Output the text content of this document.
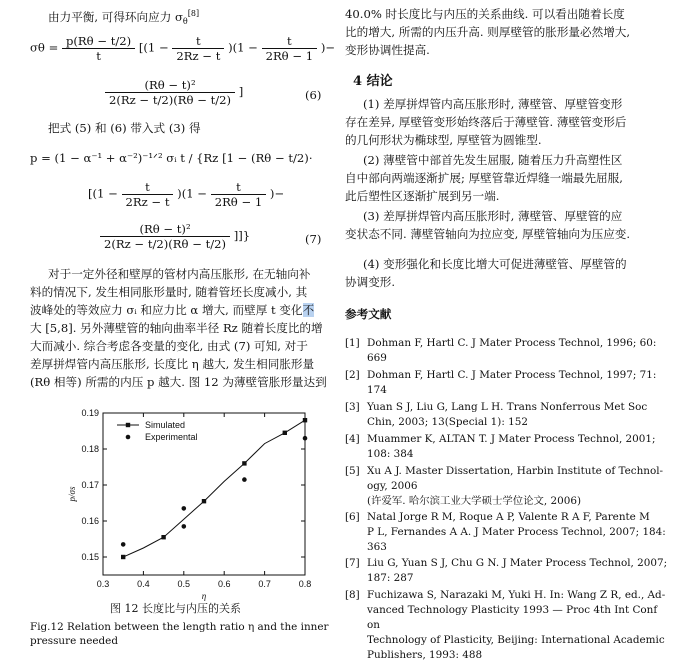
由力平衡, 可得环向应力 $\sigma_\theta[8]$
$\sigma\theta = \frac{p(R\theta - t/2)}{t} [(1 - \frac{t}{2Rz - t} )(1 - \frac{t}{2R\theta - 1}$ )−
$\frac{\text{(Rθ − t)²}}{2(Rz - t/2)(R\theta - t/2)}$ ]	(6)
把式 (5) 和 (6) 带入式 (3) 得
p = (1 − α⁻¹ + α⁻²)⁻¹ᐟ² σᵢ t / {Rz [1 − (Rθ − t/2)·
[$(1 - \frac{t}{2Rz - t} )(1 - \frac{t}{2R\theta - 1}$ )−
$\frac{\text{(Rθ − t)²}}{2(Rz - t/2)(R\theta - t/2)}$ ]]}	(7)
对于一定外径和壁厚的管材内高压胀形, 在无轴向补
料的情况下, 发生相同胀形量时, 随着管坯长度减小, 其
波峰处的等效应力 σᵢ 和应力比 α 增大, 而壁厚 t 变化不
大 [5,8]. 另外薄壁管的轴向曲率半径 Rz 随着长度比的增
大而减小. 综合考虑各变量的变化, 由式 (7) 可知, 对于
差厚拼焊管内高压胀形, 长度比 η 越大, 发生相同胀形量
(Rθ 相等) 所需的内压 p 越大. 图 12 为薄壁管胀形量达到
0.3	0.4	0.5	0.6	0.7	0.8
0.15
0.16
0.17
0.18
0.19
η
p/σs
Simulated
Experimental
图 12 长度比与内压的关系
Fig.12 Relation between the length ratio η and the inner
pressure needed
40.0% 时长度比与内压的关系曲线. 可以看出随着长度
比的增大, 所需的内压升高. 则厚壁管的胀形量必然增大,
变形协调性提高.
4 结论
(1) 差厚拼焊管内高压胀形时, 薄壁管、厚壁管变形
存在差异, 厚壁管变形始终落后于薄壁管. 薄壁管变形后
的几何形状为椭球型, 厚壁管为圆锥型.
(2) 薄壁管中部首先发生屈服, 随着压力升高塑性区
自中部向两端逐渐扩展; 厚壁管靠近焊缝一端最先屈服,
此后塑性区逐渐扩展到另一端.
(3) 差厚拼焊管内高压胀形时, 薄壁管、厚壁管的应
变状态不同. 薄壁管轴向为拉应变, 厚壁管轴向为压应变.
(4) 变形强化和长度比增大可促进薄壁管、厚壁管的
协调变形.
参考文献
[1] Dohman F, Hartl C. J Mater Process Technol, 1996; 60:
669
[2] Dohman F, Hartl C. J Mater Process Technol, 1997; 71:
174
[3] Yuan S J, Liu G, Lang L H. Trans Nonferrous Met Soc
Chin, 2003; 13(Special 1): 152
[4] Muammer K, ALTAN T. J Mater Process Technol, 2001;
108: 384
[5] Xu A J. Master Dissertation, Harbin Institute of Technol-
ogy, 2006
(许爱军. 哈尔滨工业大学硕士学位论文, 2006)
[6] Natal Jorge R M, Roque A P, Valente R A F, Parente M
P L, Fernandes A A. J Mater Process Technol, 2007; 184:
363
[7] Liu G, Yuan S J, Chu G N. J Mater Process Technol, 2007;
187: 287
[8] Fuchizawa S, Narazaki M, Yuki H. In: Wang Z R, ed., Ad-
vanced Technology Plasticity 1993 — Proc 4th Int Conf on
Technology of Plasticity, Beijing: International Academic
Publishers, 1993: 488
